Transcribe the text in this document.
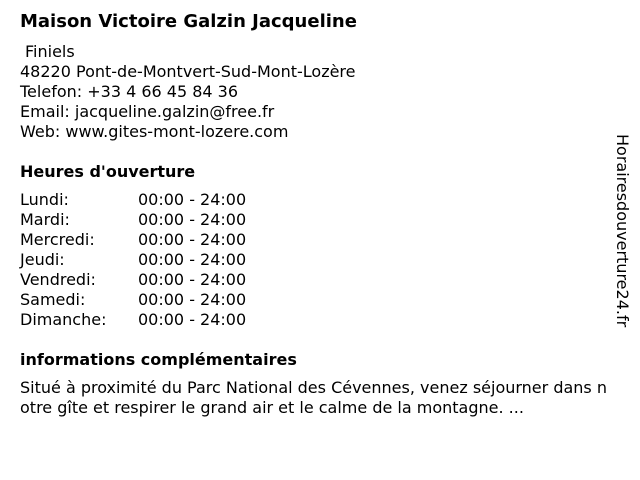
Maison Victoire Galzin Jacqueline
Finiels
48220 Pont-de-Montvert-Sud-Mont-Lozère
Telefon: +33 4 66 45 84 36
Email: jacqueline.galzin@free.fr
Web: www.gites-mont-lozere.com
Heures d'ouverture
Lundi:	00:00 - 24:00
Mardi:	00:00 - 24:00
Mercredi:	00:00 - 24:00
Jeudi:	00:00 - 24:00
Vendredi:	00:00 - 24:00
Samedi:	00:00 - 24:00
Dimanche:	00:00 - 24:00
informations complémentaires
Situé à proximité du Parc National des Cévennes, venez séjourner dans notre gîte et respirer le grand air et le calme de la montagne. ...
Horairesdouverture24.fr
